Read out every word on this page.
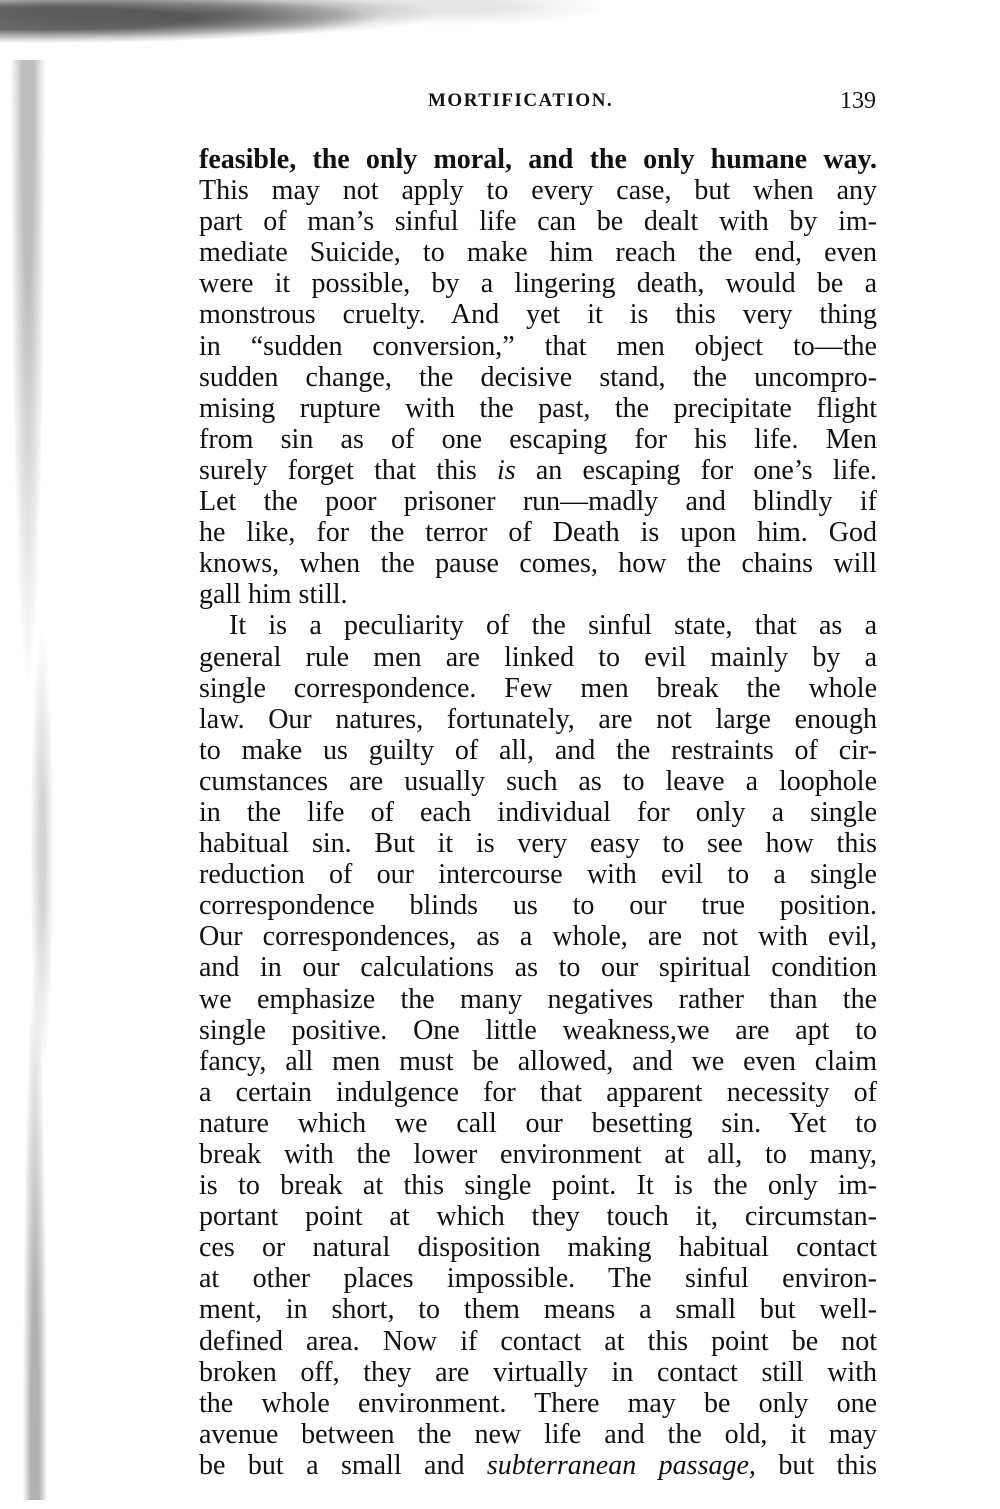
MORTIFICATION.	139
feasible, the only moral, and the only humane way.
This may not apply to every case, but when any
part of man’s sinful life can be dealt with by im-
mediate Suicide, to make him reach the end, even
were it possible, by a lingering death, would be a
monstrous cruelty. And yet it is this very thing
in “sudden conversion,” that men object to—the
sudden change, the decisive stand, the uncompro-
mising rupture with the past, the precipitate flight
from sin as of one escaping for his life. Men
surely forget that this is an escaping for one’s life.
Let the poor prisoner run—madly and blindly if
he like, for the terror of Death is upon him. God
knows, when the pause comes, how the chains will
gall him still.
It is a peculiarity of the sinful state, that as a
general rule men are linked to evil mainly by a
single correspondence. Few men break the whole
law. Our natures, fortunately, are not large enough
to make us guilty of all, and the restraints of cir-
cumstances are usually such as to leave a loophole
in the life of each individual for only a single
habitual sin. But it is very easy to see how this
reduction of our intercourse with evil to a single
correspondence blinds us to our true position.
Our correspondences, as a whole, are not with evil,
and in our calculations as to our spiritual condition
we emphasize the many negatives rather than the
single positive. One little weakness,we are apt to
fancy, all men must be allowed, and we even claim
a certain indulgence for that apparent necessity of
nature which we call our besetting sin. Yet to
break with the lower environment at all, to many,
is to break at this single point. It is the only im-
portant point at which they touch it, circumstan-
ces or natural disposition making habitual contact
at other places impossible. The sinful environ-
ment, in short, to them means a small but well-
defined area. Now if contact at this point be not
broken off, they are virtually in contact still with
the whole environment. There may be only one
avenue between the new life and the old, it may
be but a small and subterranean passage, but this
